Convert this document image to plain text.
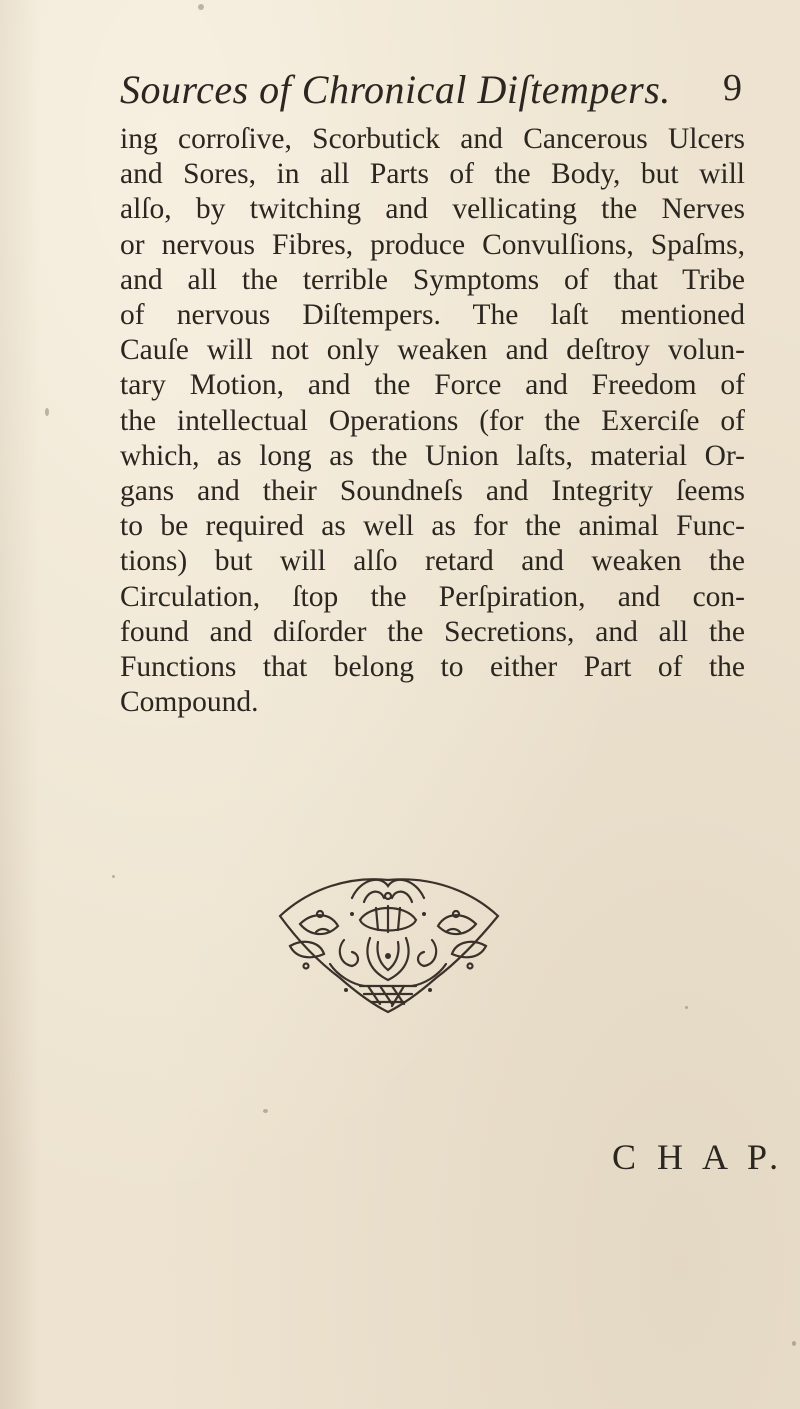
Sources of Chronical Diſtempers. 9
ing corroſive, Scorbutick and Cancerous Ulcers
and Sores, in all Parts of the Body, but will
alſo, by twitching and vellicating the Nerves
or nervous Fibres, produce Convulſions, Spaſms,
and all the terrible Symptoms of that Tribe
of nervous Diſtempers. The laſt mentioned
Cauſe will not only weaken and deſtroy volun-
tary Motion, and the Force and Freedom of
the intellectual Operations (for the Exerciſe of
which, as long as the Union laſts, material Or-
gans and their Soundneſs and Integrity ſeems
to be required as well as for the animal Func-
tions) but will alſo retard and weaken the
Circulation, ſtop the Perſpiration, and con-
found and diſorder the Secretions, and all the
Functions that belong to either Part of the
Compound.
C H A P.
